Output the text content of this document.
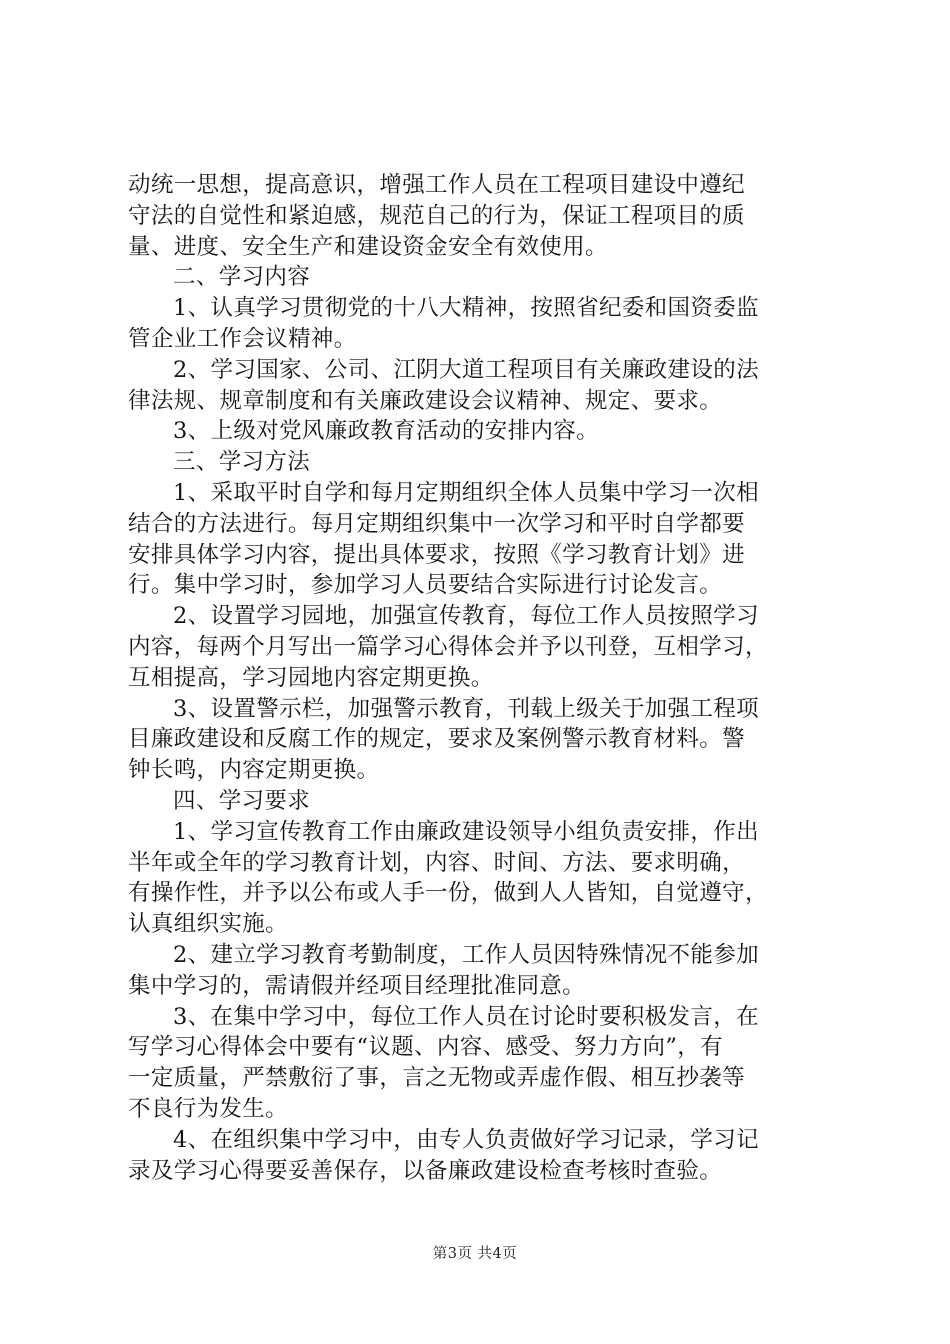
动统一思想，提高意识，增强工作人员在工程项目建设中遵纪
守法的自觉性和紧迫感，规范自己的行为，保证工程项目的质
量、进度、安全生产和建设资金安全有效使用。
二、学习内容
1、认真学习贯彻党的十八大精神，按照省纪委和国资委监
管企业工作会议精神。
2、学习国家、公司、江阴大道工程项目有关廉政建设的法
律法规、规章制度和有关廉政建设会议精神、规定、要求。
3、上级对党风廉政教育活动的安排内容。
三、学习方法
1、采取平时自学和每月定期组织全体人员集中学习一次相
结合的方法进行。每月定期组织集中一次学习和平时自学都要
安排具体学习内容，提出具体要求，按照《学习教育计划》进
行。集中学习时，参加学习人员要结合实际进行讨论发言。
2、设置学习园地，加强宣传教育，每位工作人员按照学习
内容，每两个月写出一篇学习心得体会并予以刊登，互相学习，
互相提高，学习园地内容定期更换。
3、设置警示栏，加强警示教育，刊载上级关于加强工程项
目廉政建设和反腐工作的规定，要求及案例警示教育材料。警
钟长鸣，内容定期更换。
四、学习要求
1、学习宣传教育工作由廉政建设领导小组负责安排，作出
半年或全年的学习教育计划，内容、时间、方法、要求明确，
有操作性，并予以公布或人手一份，做到人人皆知，自觉遵守，
认真组织实施。
2、建立学习教育考勤制度，工作人员因特殊情况不能参加
集中学习的，需请假并经项目经理批准同意。
3、在集中学习中，每位工作人员在讨论时要积极发言，在
写学习心得体会中要有“议题、内容、感受、努力方向”，有
一定质量，严禁敷衍了事，言之无物或弄虚作假、相互抄袭等
不良行为发生。
4、在组织集中学习中，由专人负责做好学习记录，学习记
录及学习心得要妥善保存，以备廉政建设检查考核时查验。
第3页 共4页
